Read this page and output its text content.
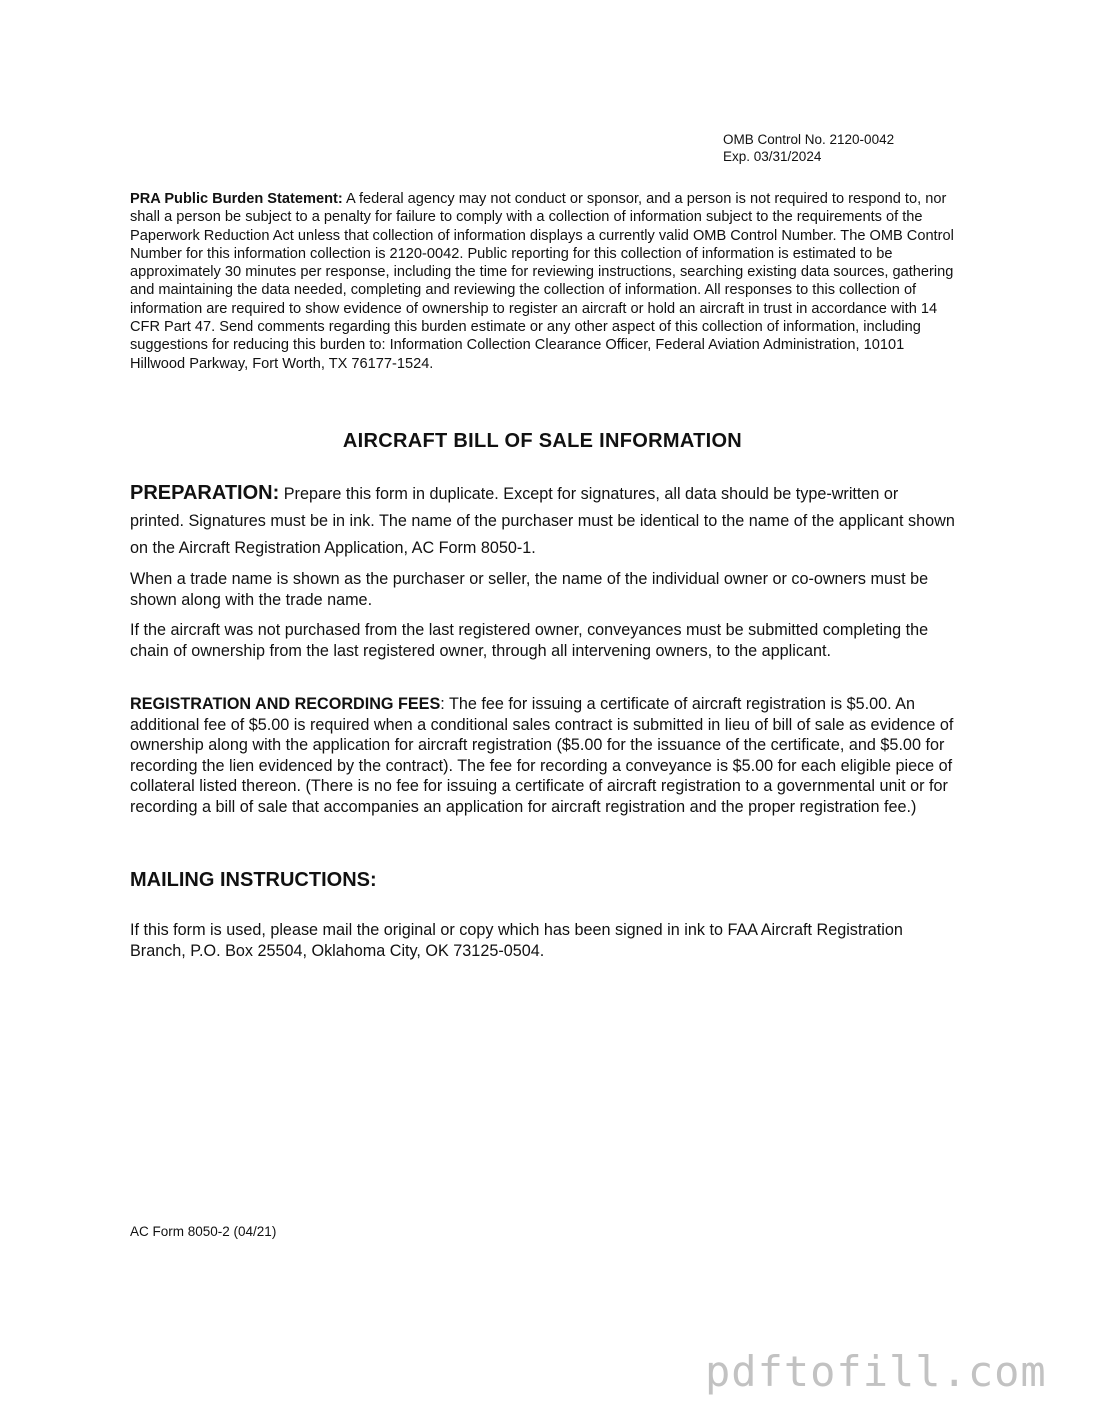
OMB Control No. 2120-0042
Exp. 03/31/2024
PRA Public Burden Statement: A federal agency may not conduct or sponsor, and a person is not required to respond to, nor shall a person be subject to a penalty for failure to comply with a collection of information subject to the requirements of the Paperwork Reduction Act unless that collection of information displays a currently valid OMB Control Number. The OMB Control Number for this information collection is 2120-0042. Public reporting for this collection of information is estimated to be approximately 30 minutes per response, including the time for reviewing instructions, searching existing data sources, gathering and maintaining the data needed, completing and reviewing the collection of information. All responses to this collection of information are required to show evidence of ownership to register an aircraft or hold an aircraft in trust in accordance with 14 CFR Part 47. Send comments regarding this burden estimate or any other aspect of this collection of information, including suggestions for reducing this burden to: Information Collection Clearance Officer, Federal Aviation Administration, 10101 Hillwood Parkway, Fort Worth, TX 76177-1524.
AIRCRAFT BILL OF SALE INFORMATION
PREPARATION: Prepare this form in duplicate. Except for signatures, all data should be type-written or printed. Signatures must be in ink. The name of the purchaser must be identical to the name of the applicant shown on the Aircraft Registration Application, AC Form 8050-1.
When a trade name is shown as the purchaser or seller, the name of the individual owner or co-owners must be shown along with the trade name.
If the aircraft was not purchased from the last registered owner, conveyances must be submitted completing the chain of ownership from the last registered owner, through all intervening owners, to the applicant.
REGISTRATION AND RECORDING FEES: The fee for issuing a certificate of aircraft registration is $5.00. An additional fee of $5.00 is required when a conditional sales contract is submitted in lieu of bill of sale as evidence of ownership along with the application for aircraft registration ($5.00 for the issuance of the certificate, and $5.00 for recording the lien evidenced by the contract). The fee for recording a conveyance is $5.00 for each eligible piece of collateral listed thereon. (There is no fee for issuing a certificate of aircraft registration to a governmental unit or for recording a bill of sale that accompanies an application for aircraft registration and the proper registration fee.)
MAILING INSTRUCTIONS:
If this form is used, please mail the original or copy which has been signed in ink to FAA Aircraft Registration Branch, P.O. Box 25504, Oklahoma City, OK 73125-0504.
AC Form 8050-2 (04/21)
pdftofill.com
